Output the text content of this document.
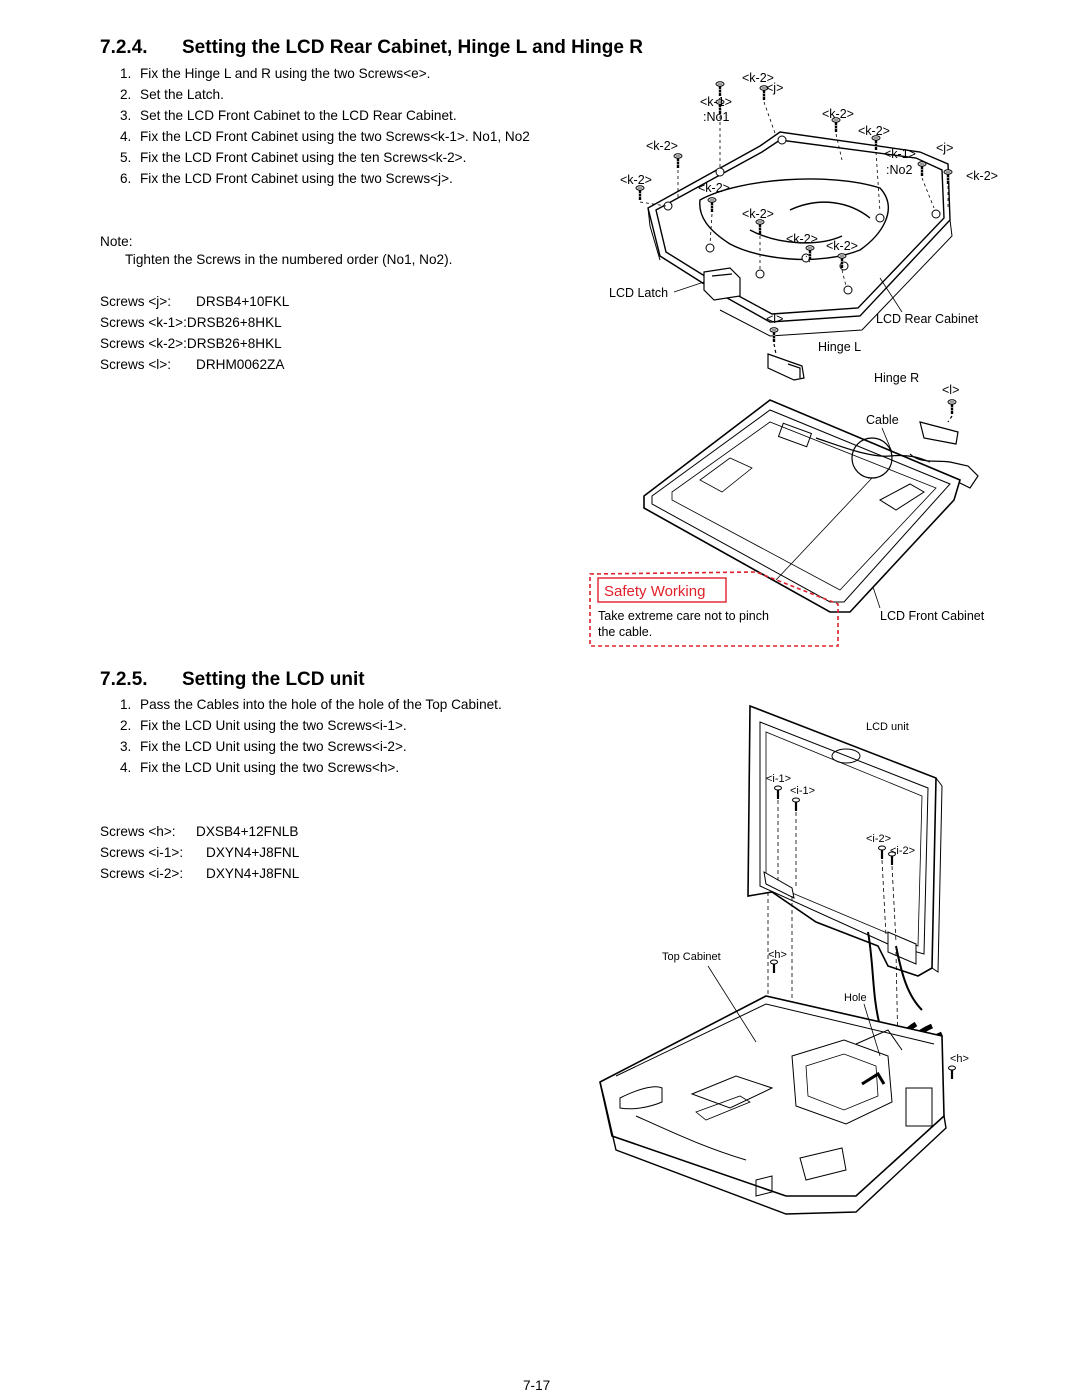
7.2.4. Setting the LCD Rear Cabinet, Hinge L and Hinge R
1. Fix the Hinge L and R using the two Screws<e>.
2. Set the Latch.
3. Set the LCD Front Cabinet to the LCD Rear Cabinet.
4. Fix the LCD Front Cabinet using the two Screws<k-1>. No1, No2
5. Fix the LCD Front Cabinet using the ten Screws<k-2>.
6. Fix the LCD Front Cabinet using the two Screws<j>.
Note:
Tighten the Screws in the numbered order (No1, No2).
Screws <j>: DRSB4+10FKL
Screws <k-1>:DRSB26+8HKL
Screws <k-2>:DRSB26+8HKL
Screws <l>: DRHM0062ZA
<k-2>
<j>
<k-1>
:No1	<k-2>
<k-2>
<k-2>
<k-1> <j>
:No2	<k-2>
<k-2>
<k-2>
<k-2>
<k-2> <k-2>
LCD Latch
<l>	LCD Rear Cabinet
Hinge L
Hinge R
<l>
Cable
LCD Front Cabinet
Safety Working
Take extreme care not to pinch
the cable.
7.2.5. Setting the LCD unit
1. Pass the Cables into the hole of the hole of the Top Cabinet.
2. Fix the LCD Unit using the two Screws<i-1>.
3. Fix the LCD Unit using the two Screws<i-2>.
4. Fix the LCD Unit using the two Screws<h>.
Screws <h>: DXSB4+12FNLB
Screws <i-1>: DXYN4+J8FNL
Screws <i-2>: DXYN4+J8FNL
LCD unit
<i-1>
<i-1>
<i-2>
<i-2>
Top Cabinet	<h>
Hole
<h>
7-17
